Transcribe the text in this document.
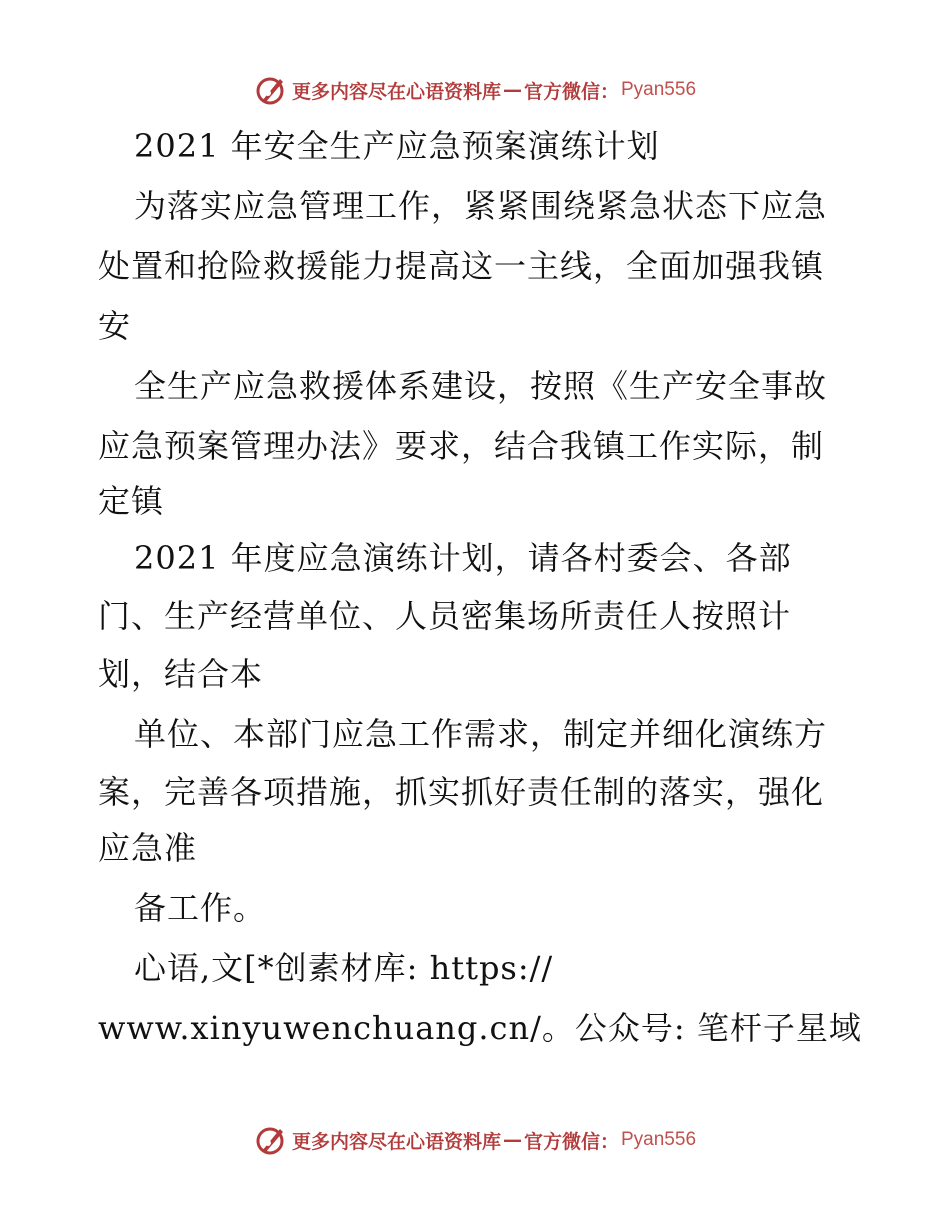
更多内容尽在心语资料库 — 官方微信： Pyan556
2021 年安全生产应急预案演练计划
为落实应急管理工作，紧紧围绕紧急状态下应急
处置和抢险救援能力提高这一主线，全面加强我镇
安
全生产应急救援体系建设，按照《生产安全事故
应急预案管理办法》要求，结合我镇工作实际，制
定镇
2021 年度应急演练计划，请各村委会、各部
门、生产经营单位、人员密集场所责任人按照计
划，结合本
单位、本部门应急工作需求，制定并细化演练方
案，完善各项措施，抓实抓好责任制的落实，强化
应急准
备工作。
心语,文[*创素材库: https://
www.xinyuwenchuang.cn/。公众号: 笔杆子星域
更多内容尽在心语资料库 — 官方微信： Pyan556
